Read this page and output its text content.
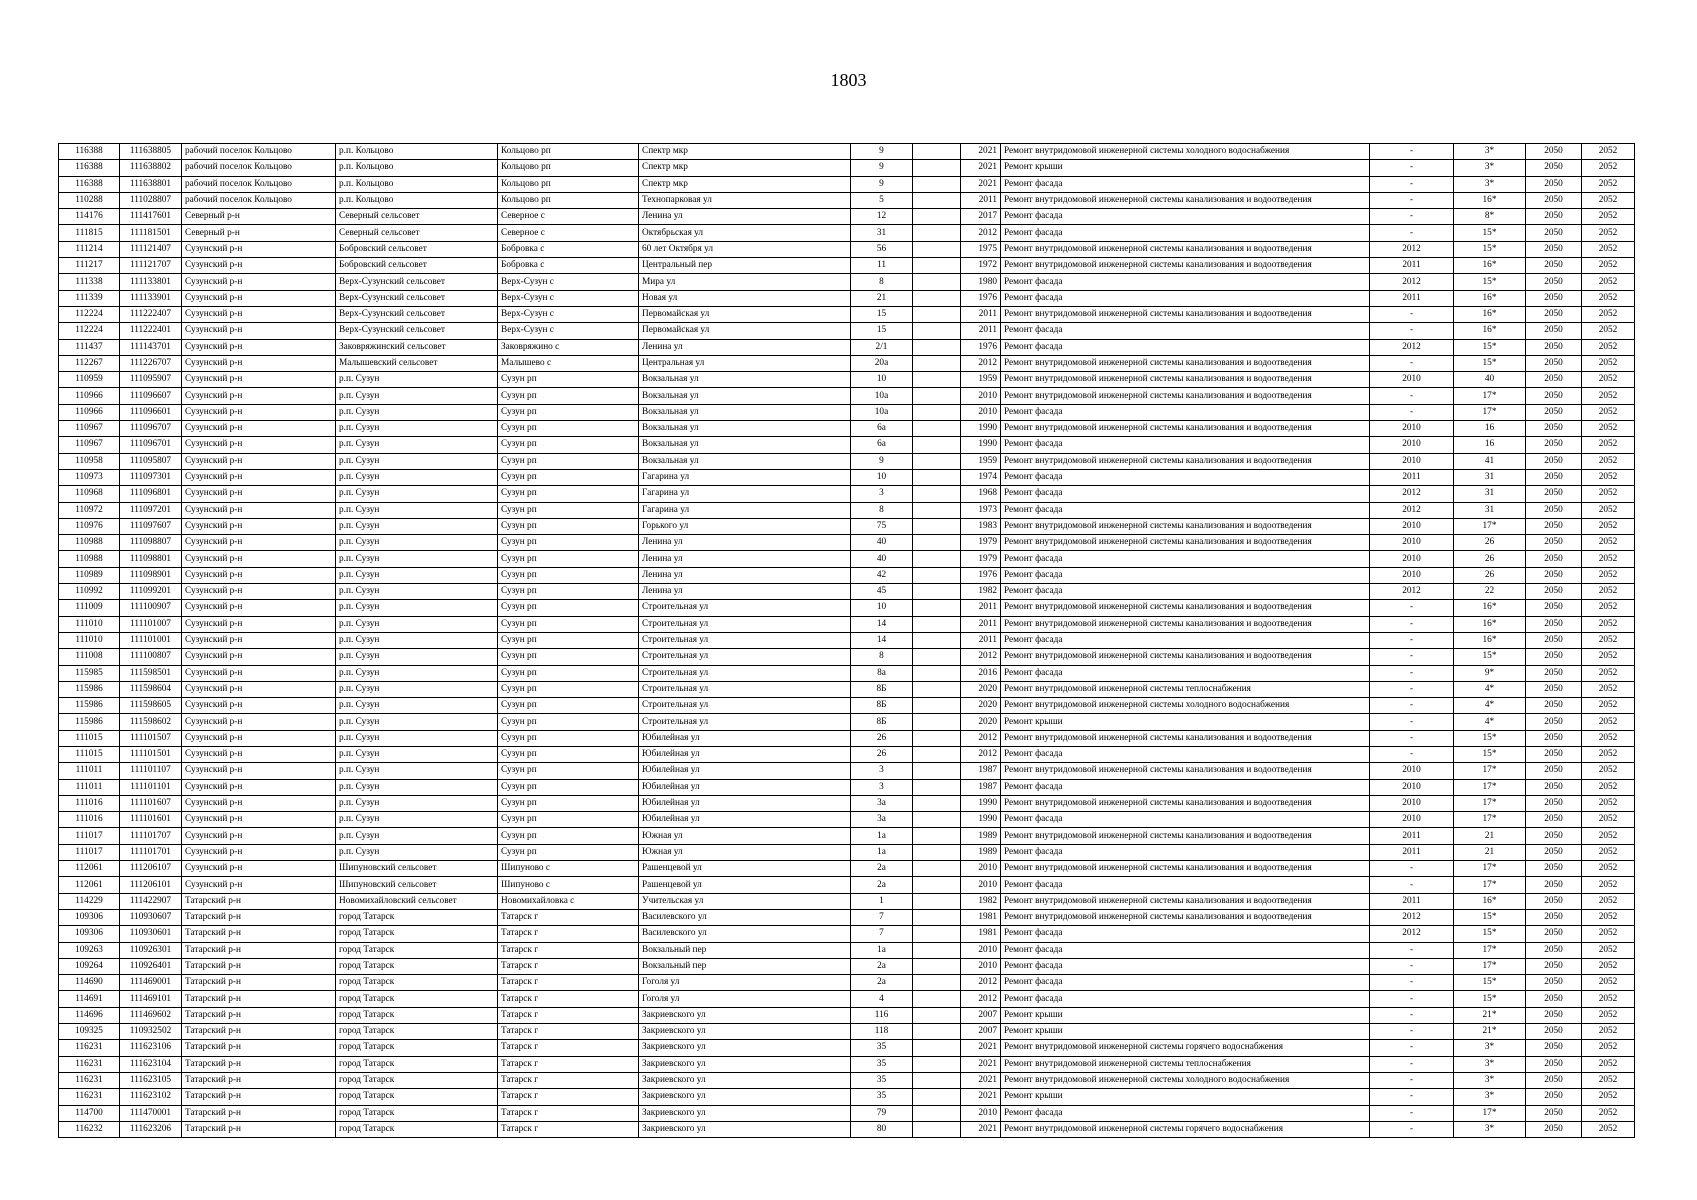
1803
116388	111638805	рабочий поселок Кольцово	р.п. Кольцово	Кольцово рп	Спектр мкр	9		2021	Ремонт внутридомовой инженерной системы холодного водоснабжения	-	3*	2050	2052
116388	111638802	рабочий поселок Кольцово	р.п. Кольцово	Кольцово рп	Спектр мкр	9		2021	Ремонт крыши	-	3*	2050	2052
116388	111638801	рабочий поселок Кольцово	р.п. Кольцово	Кольцово рп	Спектр мкр	9		2021	Ремонт фасада	-	3*	2050	2052
110288	111028807	рабочий поселок Кольцово	р.п. Кольцово	Кольцово рп	Технопарковая ул	5		2011	Ремонт внутридомовой инженерной системы канализования и водоотведения	-	16*	2050	2052
114176	111417601	Северный р-н	Северный сельсовет	Северное с	Ленина ул	12		2017	Ремонт фасада	-	8*	2050	2052
111815	111181501	Северный р-н	Северный сельсовет	Северное с	Октябрьская ул	31		2012	Ремонт фасада	-	15*	2050	2052
111214	111121407	Сузунский р-н	Бобровский сельсовет	Бобровка с	60 лет Октября ул	56		1975	Ремонт внутридомовой инженерной системы канализования и водоотведения	2012	15*	2050	2052
111217	111121707	Сузунский р-н	Бобровский сельсовет	Бобровка с	Центральный пер	11		1972	Ремонт внутридомовой инженерной системы канализования и водоотведения	2011	16*	2050	2052
111338	111133801	Сузунский р-н	Верх-Сузунский сельсовет	Верх-Сузун с	Мира ул	8		1980	Ремонт фасада	2012	15*	2050	2052
111339	111133901	Сузунский р-н	Верх-Сузунский сельсовет	Верх-Сузун с	Новая ул	21		1976	Ремонт фасада	2011	16*	2050	2052
112224	111222407	Сузунский р-н	Верх-Сузунский сельсовет	Верх-Сузун с	Первомайская ул	15		2011	Ремонт внутридомовой инженерной системы канализования и водоотведения	-	16*	2050	2052
112224	111222401	Сузунский р-н	Верх-Сузунский сельсовет	Верх-Сузун с	Первомайская ул	15		2011	Ремонт фасада	-	16*	2050	2052
111437	111143701	Сузунский р-н	Заковряжинский сельсовет	Заковряжино с	Ленина ул	2/1		1976	Ремонт фасада	2012	15*	2050	2052
112267	111226707	Сузунский р-н	Малышевский сельсовет	Малышево с	Центральная ул	20а		2012	Ремонт внутридомовой инженерной системы канализования и водоотведения	-	15*	2050	2052
110959	111095907	Сузунский р-н	р.п. Сузун	Сузун рп	Вокзальная ул	10		1959	Ремонт внутридомовой инженерной системы канализования и водоотведения	2010	40	2050	2052
110966	111096607	Сузунский р-н	р.п. Сузун	Сузун рп	Вокзальная ул	10а		2010	Ремонт внутридомовой инженерной системы канализования и водоотведения	-	17*	2050	2052
110966	111096601	Сузунский р-н	р.п. Сузун	Сузун рп	Вокзальная ул	10а		2010	Ремонт фасада	-	17*	2050	2052
110967	111096707	Сузунский р-н	р.п. Сузун	Сузун рп	Вокзальная ул	6а		1990	Ремонт внутридомовой инженерной системы канализования и водоотведения	2010	16	2050	2052
110967	111096701	Сузунский р-н	р.п. Сузун	Сузун рп	Вокзальная ул	6а		1990	Ремонт фасада	2010	16	2050	2052
110958	111095807	Сузунский р-н	р.п. Сузун	Сузун рп	Вокзальная ул	9		1959	Ремонт внутридомовой инженерной системы канализования и водоотведения	2010	41	2050	2052
110973	111097301	Сузунский р-н	р.п. Сузун	Сузун рп	Гагарина ул	10		1974	Ремонт фасада	2011	31	2050	2052
110968	111096801	Сузунский р-н	р.п. Сузун	Сузун рп	Гагарина ул	3		1968	Ремонт фасада	2012	31	2050	2052
110972	111097201	Сузунский р-н	р.п. Сузун	Сузун рп	Гагарина ул	8		1973	Ремонт фасада	2012	31	2050	2052
110976	111097607	Сузунский р-н	р.п. Сузун	Сузун рп	Горького ул	75		1983	Ремонт внутридомовой инженерной системы канализования и водоотведения	2010	17*	2050	2052
110988	111098807	Сузунский р-н	р.п. Сузун	Сузун рп	Ленина ул	40		1979	Ремонт внутридомовой инженерной системы канализования и водоотведения	2010	26	2050	2052
110988	111098801	Сузунский р-н	р.п. Сузун	Сузун рп	Ленина ул	40		1979	Ремонт фасада	2010	26	2050	2052
110989	111098901	Сузунский р-н	р.п. Сузун	Сузун рп	Ленина ул	42		1976	Ремонт фасада	2010	26	2050	2052
110992	111099201	Сузунский р-н	р.п. Сузун	Сузун рп	Ленина ул	45		1982	Ремонт фасада	2012	22	2050	2052
111009	111100907	Сузунский р-н	р.п. Сузун	Сузун рп	Строительная ул	10		2011	Ремонт внутридомовой инженерной системы канализования и водоотведения	-	16*	2050	2052
111010	111101007	Сузунский р-н	р.п. Сузун	Сузун рп	Строительная ул	14		2011	Ремонт внутридомовой инженерной системы канализования и водоотведения	-	16*	2050	2052
111010	111101001	Сузунский р-н	р.п. Сузун	Сузун рп	Строительная ул	14		2011	Ремонт фасада	-	16*	2050	2052
111008	111100807	Сузунский р-н	р.п. Сузун	Сузун рп	Строительная ул	8		2012	Ремонт внутридомовой инженерной системы канализования и водоотведения	-	15*	2050	2052
115985	111598501	Сузунский р-н	р.п. Сузун	Сузун рп	Строительная ул	8а		2016	Ремонт фасада	-	9*	2050	2052
115986	111598604	Сузунский р-н	р.п. Сузун	Сузун рп	Строительная ул	8Б		2020	Ремонт внутридомовой инженерной системы теплоснабжения	-	4*	2050	2052
115986	111598605	Сузунский р-н	р.п. Сузун	Сузун рп	Строительная ул	8Б		2020	Ремонт внутридомовой инженерной системы холодного водоснабжения	-	4*	2050	2052
115986	111598602	Сузунский р-н	р.п. Сузун	Сузун рп	Строительная ул	8Б		2020	Ремонт крыши	-	4*	2050	2052
111015	111101507	Сузунский р-н	р.п. Сузун	Сузун рп	Юбилейная ул	26		2012	Ремонт внутридомовой инженерной системы канализования и водоотведения	-	15*	2050	2052
111015	111101501	Сузунский р-н	р.п. Сузун	Сузун рп	Юбилейная ул	26		2012	Ремонт фасада	-	15*	2050	2052
111011	111101107	Сузунский р-н	р.п. Сузун	Сузун рп	Юбилейная ул	3		1987	Ремонт внутридомовой инженерной системы канализования и водоотведения	2010	17*	2050	2052
111011	111101101	Сузунский р-н	р.п. Сузун	Сузун рп	Юбилейная ул	3		1987	Ремонт фасада	2010	17*	2050	2052
111016	111101607	Сузунский р-н	р.п. Сузун	Сузун рп	Юбилейная ул	3а		1990	Ремонт внутридомовой инженерной системы канализования и водоотведения	2010	17*	2050	2052
111016	111101601	Сузунский р-н	р.п. Сузун	Сузун рп	Юбилейная ул	3а		1990	Ремонт фасада	2010	17*	2050	2052
111017	111101707	Сузунский р-н	р.п. Сузун	Сузун рп	Южная ул	1а		1989	Ремонт внутридомовой инженерной системы канализования и водоотведения	2011	21	2050	2052
111017	111101701	Сузунский р-н	р.п. Сузун	Сузун рп	Южная ул	1а		1989	Ремонт фасада	2011	21	2050	2052
112061	111206107	Сузунский р-н	Шипуновский сельсовет	Шипуново с	Рашенцевой ул	2а		2010	Ремонт внутридомовой инженерной системы канализования и водоотведения	-	17*	2050	2052
112061	111206101	Сузунский р-н	Шипуновский сельсовет	Шипуново с	Рашенцевой ул	2а		2010	Ремонт фасада	-	17*	2050	2052
114229	111422907	Татарский р-н	Новомихайловский сельсовет	Новомихайловка с	Учительская ул	1		1982	Ремонт внутридомовой инженерной системы канализования и водоотведения	2011	16*	2050	2052
109306	110930607	Татарский р-н	город Татарск	Татарск г	Василевского ул	7		1981	Ремонт внутридомовой инженерной системы канализования и водоотведения	2012	15*	2050	2052
109306	110930601	Татарский р-н	город Татарск	Татарск г	Василевского ул	7		1981	Ремонт фасада	2012	15*	2050	2052
109263	110926301	Татарский р-н	город Татарск	Татарск г	Вокзальный пер	1а		2010	Ремонт фасада	-	17*	2050	2052
109264	110926401	Татарский р-н	город Татарск	Татарск г	Вокзальный пер	2а		2010	Ремонт фасада	-	17*	2050	2052
114690	111469001	Татарский р-н	город Татарск	Татарск г	Гоголя ул	2а		2012	Ремонт фасада	-	15*	2050	2052
114691	111469101	Татарский р-н	город Татарск	Татарск г	Гоголя ул	4		2012	Ремонт фасада	-	15*	2050	2052
114696	111469602	Татарский р-н	город Татарск	Татарск г	Закриевского ул	116		2007	Ремонт крыши	-	21*	2050	2052
109325	110932502	Татарский р-н	город Татарск	Татарск г	Закриевского ул	118		2007	Ремонт крыши	-	21*	2050	2052
116231	111623106	Татарский р-н	город Татарск	Татарск г	Закриевского ул	35		2021	Ремонт внутридомовой инженерной системы горячего водоснабжения	-	3*	2050	2052
116231	111623104	Татарский р-н	город Татарск	Татарск г	Закриевского ул	35		2021	Ремонт внутридомовой инженерной системы теплоснабжения	-	3*	2050	2052
116231	111623105	Татарский р-н	город Татарск	Татарск г	Закриевского ул	35		2021	Ремонт внутридомовой инженерной системы холодного водоснабжения	-	3*	2050	2052
116231	111623102	Татарский р-н	город Татарск	Татарск г	Закриевского ул	35		2021	Ремонт крыши	-	3*	2050	2052
114700	111470001	Татарский р-н	город Татарск	Татарск г	Закриевского ул	79		2010	Ремонт фасада	-	17*	2050	2052
116232	111623206	Татарский р-н	город Татарск	Татарск г	Закриевского ул	80		2021	Ремонт внутридомовой инженерной системы горячего водоснабжения	-	3*	2050	2052
